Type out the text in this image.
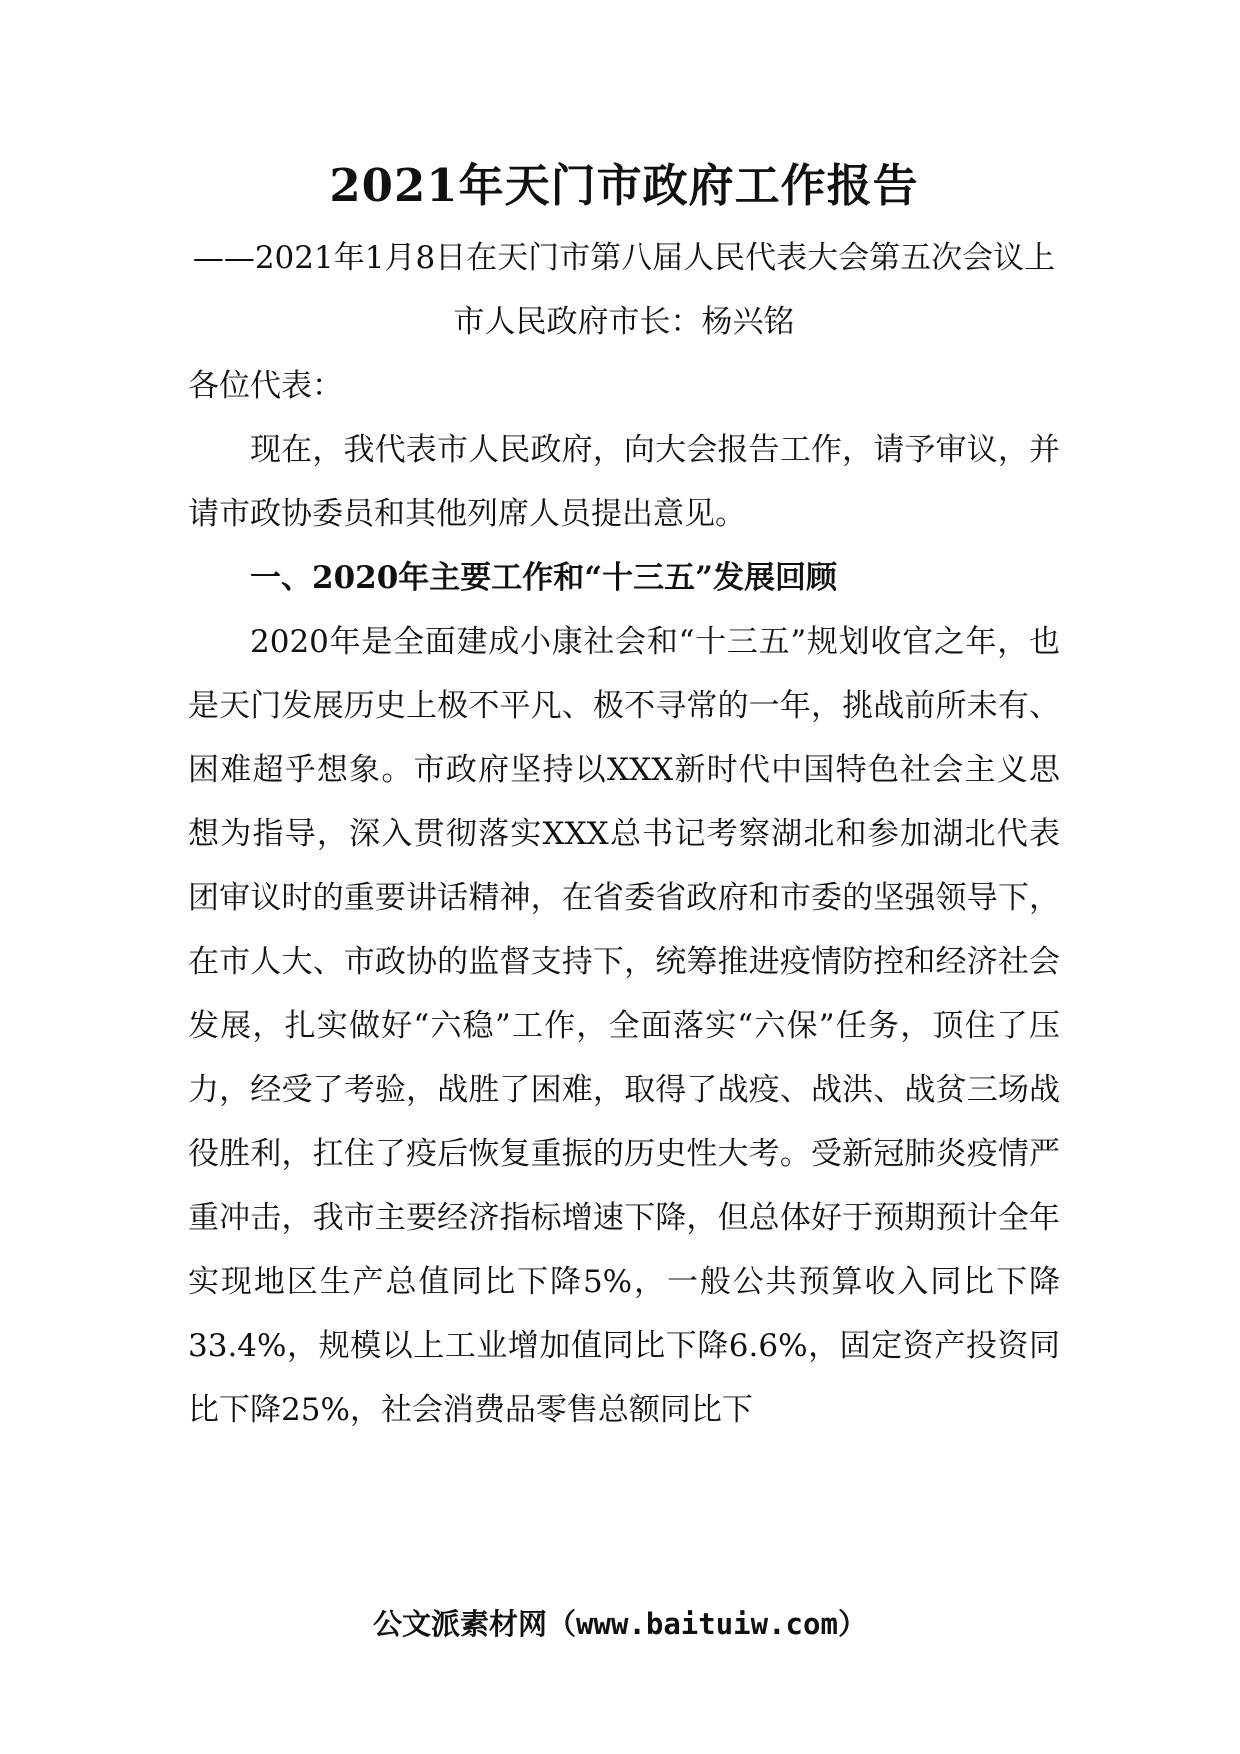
2021年天门市政府工作报告

——2021年1月8日在天门市第八届人民代表大会第五次会议上

市人民政府市长：杨兴铭

各位代表：

现在，我代表市人民政府，向大会报告工作，请予审议，并请市政协委员和其他列席人员提出意见。

一、2020年主要工作和“十三五”发展回顾

2020年是全面建成小康社会和“十三五”规划收官之年，也是天门发展历史上极不平凡、极不寻常的一年，挑战前所未有、困难超乎想象。市政府坚持以XXX新时代中国特色社会主义思想为指导，深入贯彻落实XXX总书记考察湖北和参加湖北代表团审议时的重要讲话精神，在省委省政府和市委的坚强领导下，在市人大、市政协的监督支持下，统筹推进疫情防控和经济社会发展，扎实做好“六稳”工作，全面落实“六保”任务，顶住了压力，经受了考验，战胜了困难，取得了战疫、战洪、战贫三场战役胜利，扛住了疫后恢复重振的历史性大考。受新冠肺炎疫情严重冲击，我市主要经济指标增速下降，但总体好于预期预计全年实现地区生产总值同比下降5%，一般公共预算收入同比下降33.4%，规模以上工业增加值同比下降6.6%，固定资产投资同比下降25%，社会消费品零售总额同比下

公文派素材网（www.baituiw.com）
